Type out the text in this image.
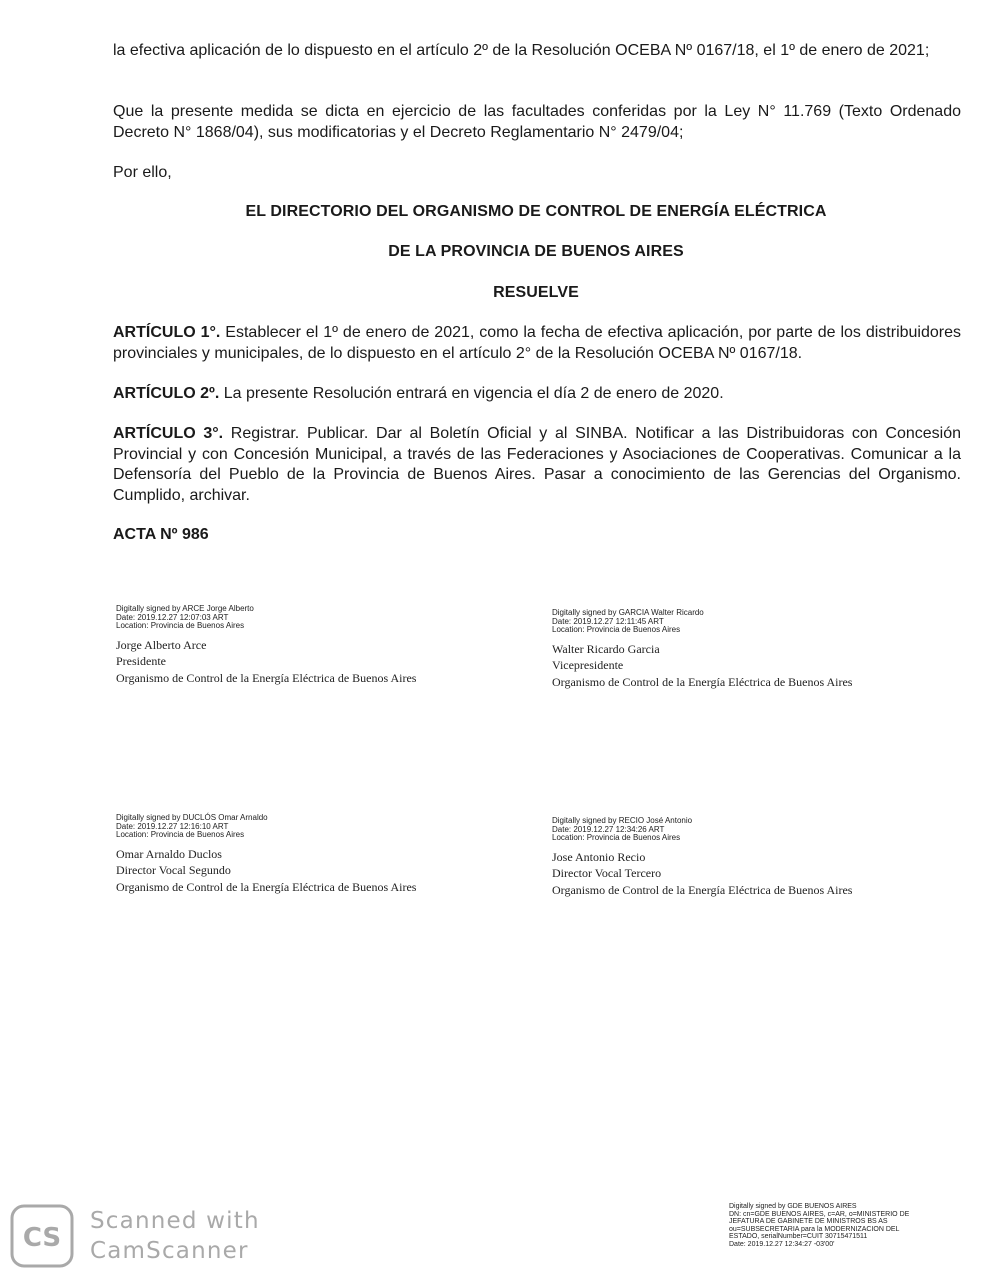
la efectiva aplicación de lo dispuesto en el artículo 2º de la Resolución OCEBA Nº 0167/18, el 1º de enero de 2021;

Que la presente medida se dicta en ejercicio de las facultades conferidas por la Ley N° 11.769 (Texto Ordenado Decreto N° 1868/04), sus modificatorias y el Decreto Reglamentario N° 2479/04;

Por ello,

EL DIRECTORIO DEL ORGANISMO DE CONTROL DE ENERGÍA ELÉCTRICA

DE LA PROVINCIA DE BUENOS AIRES

RESUELVE

ARTÍCULO 1°. Establecer el 1º de enero de 2021, como la fecha de efectiva aplicación, por parte de los distribuidores provinciales y municipales, de lo dispuesto en el artículo 2° de la Resolución OCEBA Nº 0167/18.

ARTÍCULO 2º. La presente Resolución entrará en vigencia el día 2 de enero de 2020.

ARTÍCULO 3°. Registrar. Publicar. Dar al Boletín Oficial y al SINBA. Notificar a las Distribuidoras con Concesión Provincial y con Concesión Municipal, a través de las Federaciones y Asociaciones de Cooperativas. Comunicar a la Defensoría del Pueblo de la Provincia de Buenos Aires. Pasar a conocimiento de las Gerencias del Organismo. Cumplido, archivar.

ACTA Nº 986
Digitally signed by ARCE Jorge Alberto
Date: 2019.12.27 12:07:03 ART
Location: Provincia de Buenos Aires
Jorge Alberto Arce
Presidente
Organismo de Control de la Energía Eléctrica de Buenos Aires
Digitally signed by GARCIA Walter Ricardo
Date: 2019.12.27 12:11:45 ART
Location: Provincia de Buenos Aires
Walter Ricardo Garcia
Vicepresidente
Organismo de Control de la Energía Eléctrica de Buenos Aires
Digitally signed by DUCLÓS Omar Arnaldo
Date: 2019.12.27 12:16:10 ART
Location: Provincia de Buenos Aires
Omar Arnaldo Duclos
Director Vocal Segundo
Organismo de Control de la Energía Eléctrica de Buenos Aires
Digitally signed by RECIO José Antonio
Date: 2019.12.27 12:34:26 ART
Location: Provincia de Buenos Aires
Jose Antonio Recio
Director Vocal Tercero
Organismo de Control de la Energía Eléctrica de Buenos Aires
Digitally signed by GDE BUENOS AIRES
DN: cn=GDE BUENOS AIRES, c=AR, o=MINISTERIO DE
JEFATURA DE GABINETE DE MINISTROS BS AS
ou=SUBSECRETARIA para la MODERNIZACION DEL
ESTADO, serialNumber=CUIT 30715471511
Date: 2019.12.27 12:34:27 -03'00'
CS
Scanned with
CamScanner
